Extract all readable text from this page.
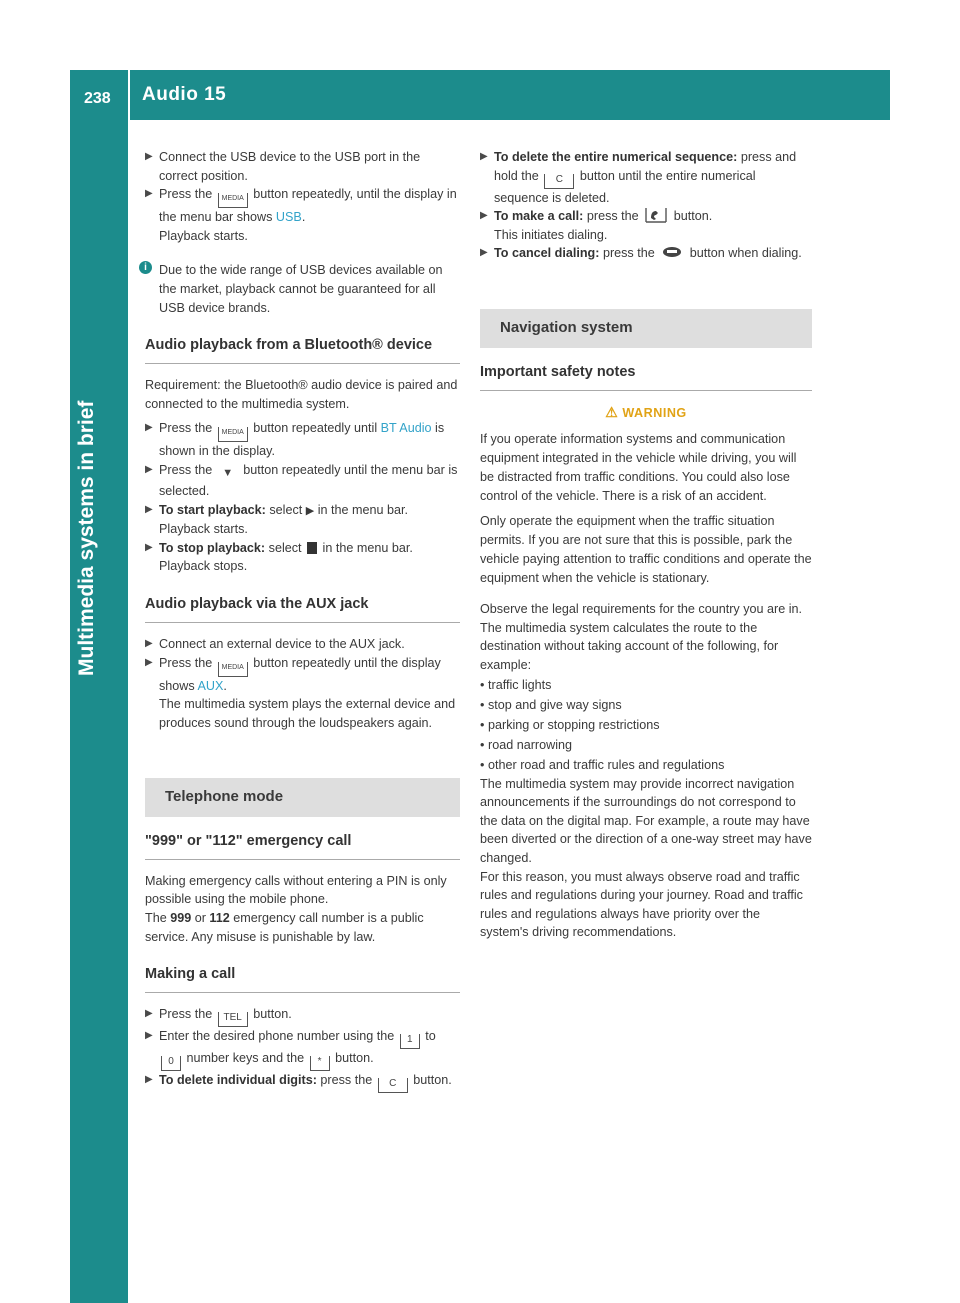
238 Audio 15
▶ Connect the USB device to the USB port in the correct position.
▶ Press the MEDIA button repeatedly, until the display in the menu bar shows USB.
Playback starts.
i Due to the wide range of USB devices available on the market, playback cannot be guaranteed for all USB device brands.
Audio playback from a Bluetooth® device
Requirement: the Bluetooth® audio device is paired and connected to the multimedia system.
▶ Press the MEDIA button repeatedly until BT Audio is shown in the display.
▶ Press the ▼ button repeatedly until the menu bar is selected.
▶ To start playback: select ▶ in the menu bar.
Playback starts.
▶ To stop playback: select in the menu bar.
Playback stops.
Audio playback via the AUX jack
▶ Connect an external device to the AUX jack.
▶ Press the MEDIA button repeatedly until the display shows AUX.
The multimedia system plays the external device and produces sound through the loudspeakers again.
Telephone mode
"999" or "112" emergency call
Making emergency calls without entering a PIN is only possible using the mobile phone.
The 999 or 112 emergency call number is a public service. Any misuse is punishable by law.
Making a call
▶ Press the TEL button.
▶ Enter the desired phone number using the 1 to 0 number keys and the * button.
▶ To delete individual digits: press the C button.
▶ To delete the entire numerical sequence: press and hold the C button until the entire numerical sequence is deleted.
▶ To make a call: press the	button.
This initiates dialing.
▶ To cancel dialing: press the	button when dialing.
Navigation system
Important safety notes
⚠ WARNING

If you operate information systems and communication equipment integrated in the vehicle while driving, you will be distracted from traffic conditions. You could also lose control of the vehicle. There is a risk of an accident.

Only operate the equipment when the traffic situation permits. If you are not sure that this is possible, park the vehicle paying attention to traffic conditions and operate the equipment when the vehicle is stationary.

Observe the legal requirements for the country you are in.
The multimedia system calculates the route to the destination without taking account of the following, for example:
• traffic lights
• stop and give way signs
• parking or stopping restrictions
• road narrowing
• other road and traffic rules and regulations
The multimedia system may provide incorrect navigation announcements if the surroundings do not correspond to the data on the digital map. For example, a route may have been diverted or the direction of a one-way street may have changed.
For this reason, you must always observe road and traffic rules and regulations during your journey. Road and traffic rules and regulations always have priority over the system's driving recommendations.
